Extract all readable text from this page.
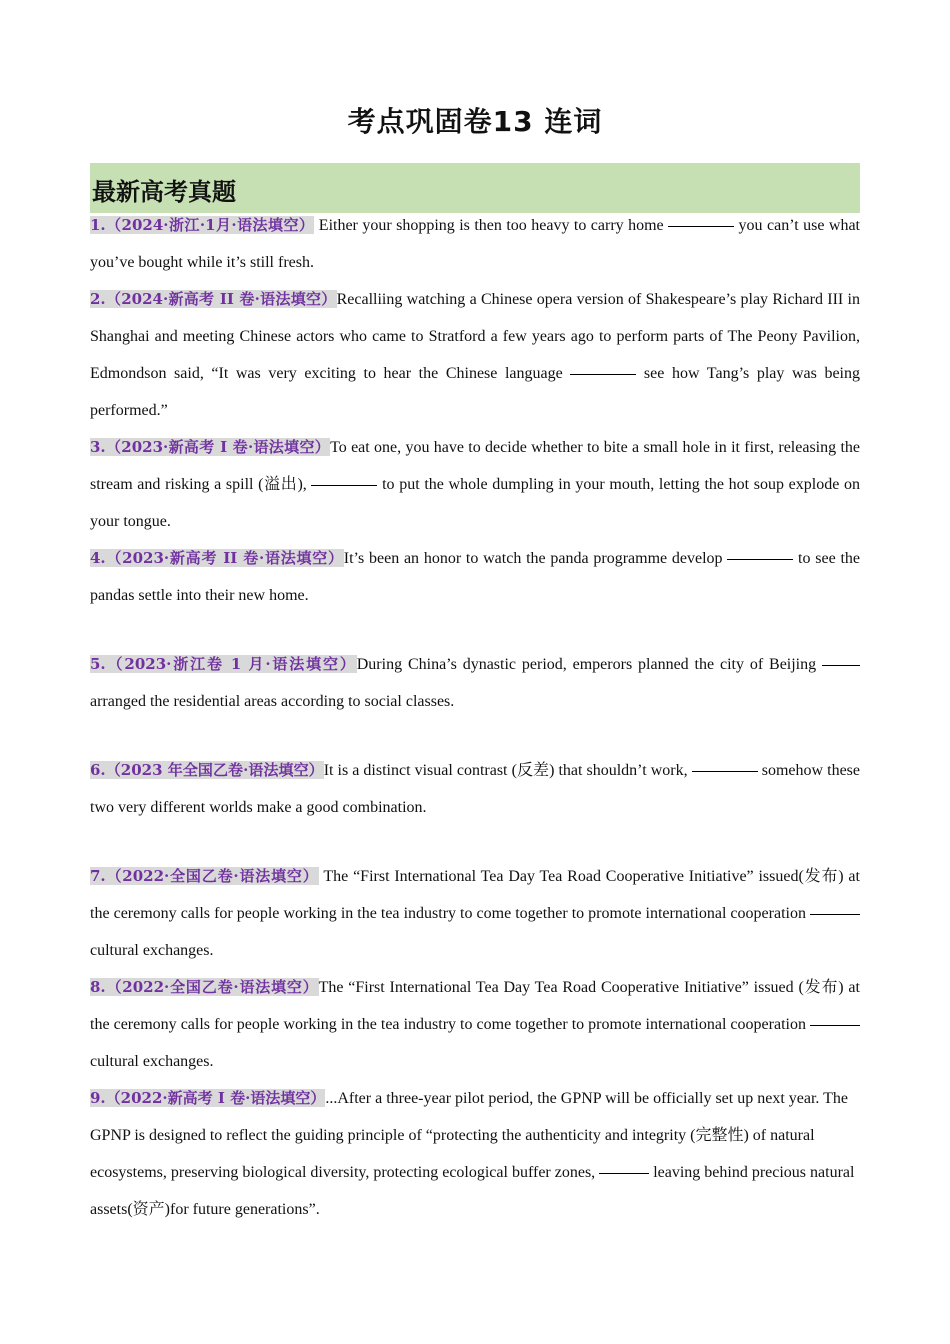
考点巩固卷13 连词
最新高考真题

1.（2024·浙江·1月·语法填空） Either your shopping is then too heavy to carry home	you can’t use what you’ve bought while it’s still fresh.

2.（2024·新高考 II 卷·语法填空）Recalliing watching a Chinese opera version of Shakespeare’s play Richard III in Shanghai and meeting Chinese actors who came to Stratford a few years ago to perform parts of The Peony Pavilion, Edmondson said, “It was very exciting to hear the Chinese language	see how Tang’s play was being performed.”

3.（2023·新高考 I 卷·语法填空）To eat one, you have to decide whether to bite a small hole in it first, releasing the stream and risking a spill (溢出),	to put the whole dumpling in your mouth, letting the hot soup explode on your tongue.

4.（2023·新高考 II 卷·语法填空）It’s been an honor to watch the panda programme develop	to see the pandas settle into their new home.

5.（2023·浙江卷 1 月·语法填空）During China’s dynastic period, emperors planned the city of Beijing  arranged the residential areas according to social classes.

6.（2023 年全国乙卷·语法填空）It is a distinct visual contrast (反差) that shouldn’t work,	somehow these two very different worlds make a good combination.

7.（2022·全国乙卷·语法填空） The “First International Tea Day Tea Road Cooperative Initiative” issued(发布) at the ceremony calls for people working in the tea industry to come together to promote international cooperation  cultural exchanges.

8.（2022·全国乙卷·语法填空）The “First International Tea Day Tea Road Cooperative Initiative” issued (发布) at the ceremony calls for people working in the tea industry to come together to promote international cooperation  cultural exchanges.

9.（2022·新高考 I 卷·语法填空）...After a three-year pilot period, the GPNP will be officially set up next year. The GPNP is designed to reflect the guiding principle of “protecting the authenticity and integrity (完整性) of natural ecosystems, preserving biological diversity, protecting ecological buffer zones,	leaving behind precious natural assets(资产)for future generations”.
